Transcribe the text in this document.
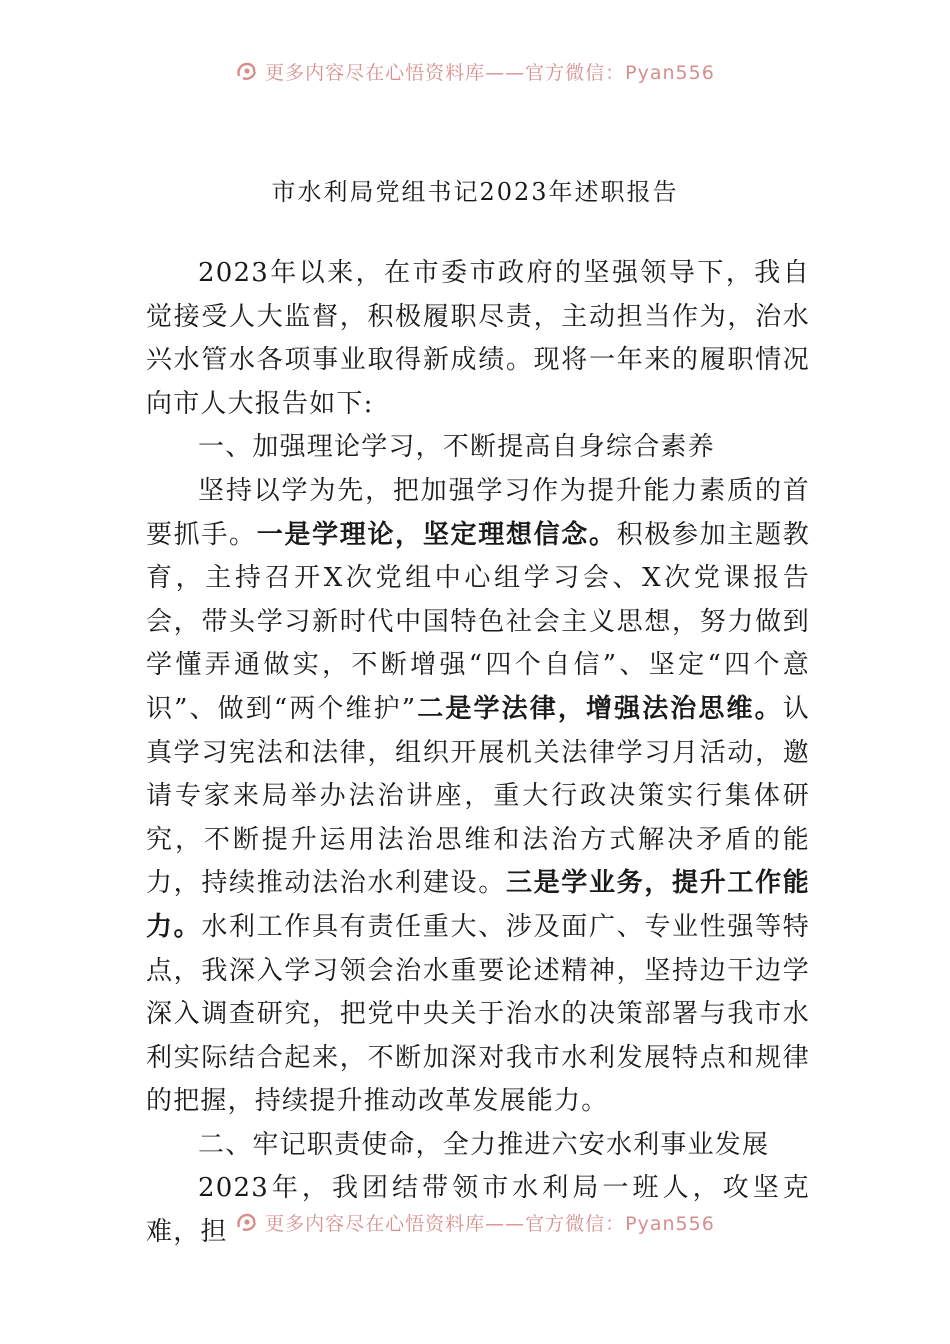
更多内容尽在心悟资料库——官方微信：Pyan556
市水利局党组书记2023年述职报告

2023年以来，在市委市政府的坚强领导下，我自觉接受人大监督，积极履职尽责，主动担当作为，治水兴水管水各项事业取得新成绩。现将一年来的履职情况向市人大报告如下:

一、加强理论学习，不断提高自身综合素养

坚持以学为先，把加强学习作为提升能力素质的首要抓手。一是学理论，坚定理想信念。积极参加主题教育，主持召开X次党组中心组学习会、X次党课报告会，带头学习新时代中国特色社会主义思想，努力做到学懂弄通做实，不断增强“四个自信”、坚定“四个意识”、做到“两个维护”二是学法律，增强法治思维。认真学习宪法和法律，组织开展机关法律学习月活动，邀请专家来局举办法治讲座，重大行政决策实行集体研究，不断提升运用法治思维和法治方式解决矛盾的能力，持续推动法治水利建设。三是学业务，提升工作能力。水利工作具有责任重大、涉及面广、专业性强等特点，我深入学习领会治水重要论述精神，坚持边干边学深入调查研究，把党中央关于治水的决策部署与我市水利实际结合起来，不断加深对我市水利发展特点和规律的把握，持续提升推动改革发展能力。

二、牢记职责使命，全力推进六安水利事业发展

2023年，我团结带领市水利局一班人，攻坚克难，担	更多内容尽在心悟资料库——官方微信：Pyan556
